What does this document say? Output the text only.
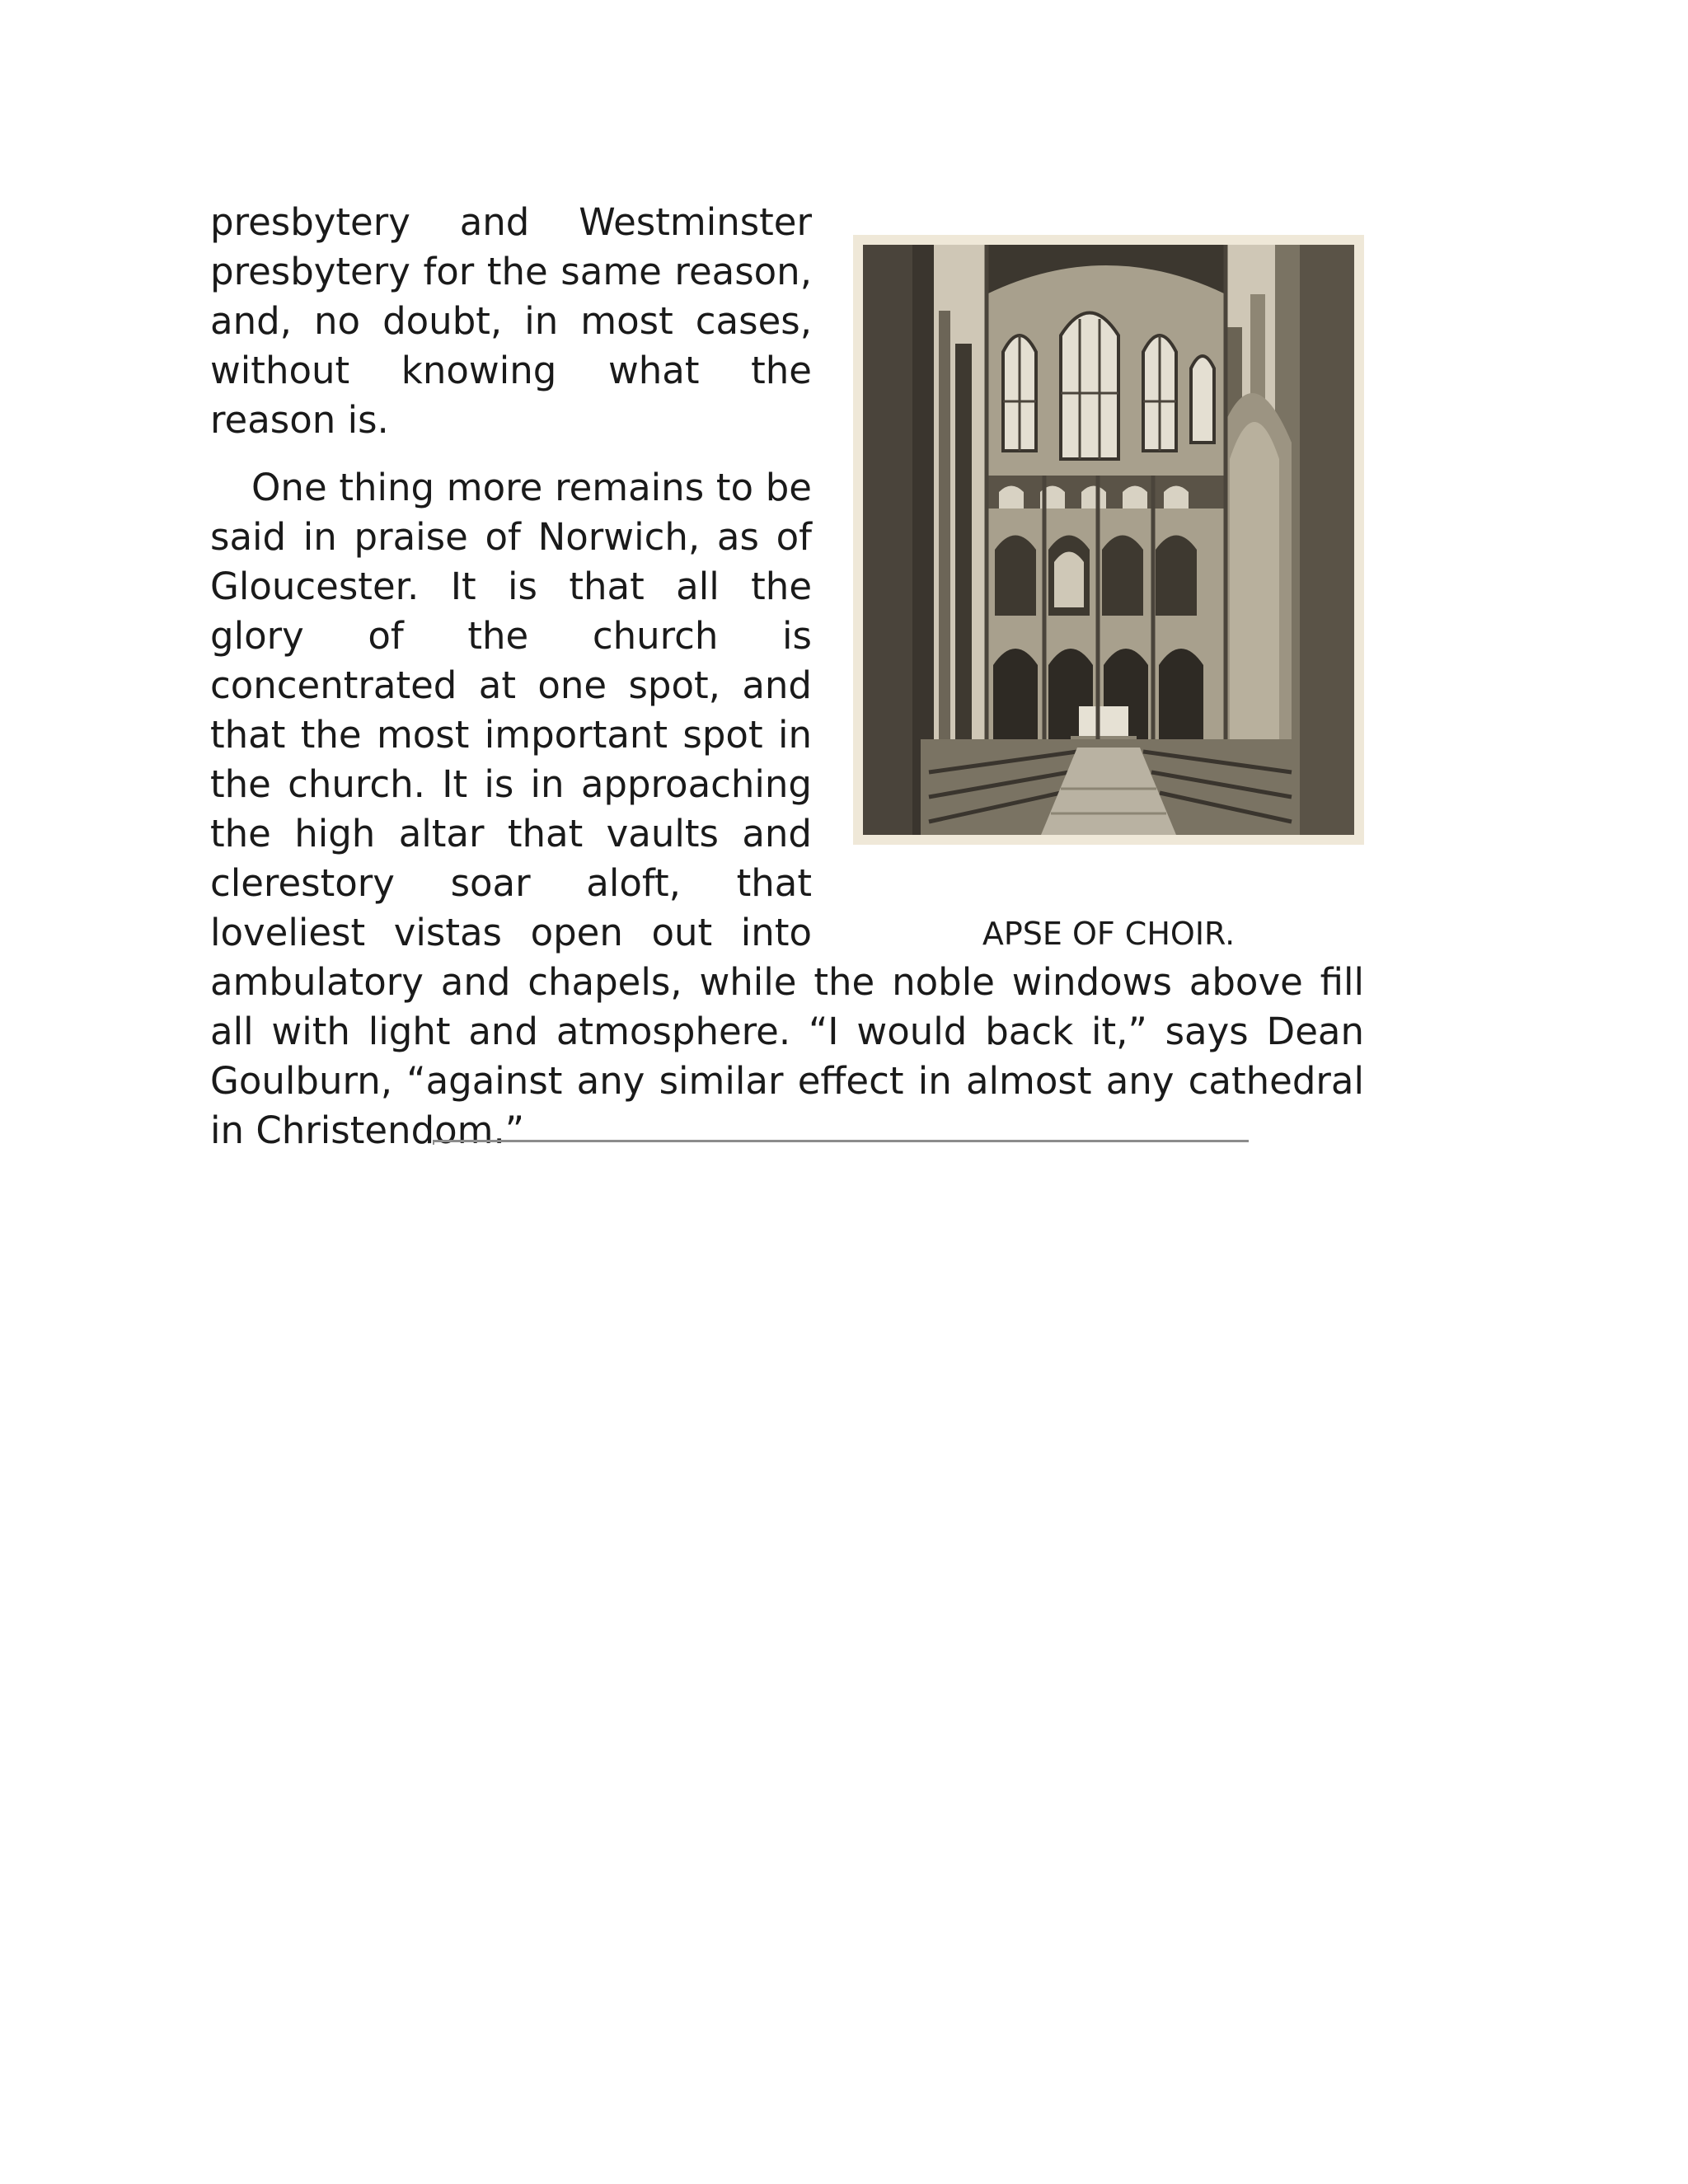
APSE OF CHOIR.

presbytery and Westminster presbytery for the same reason, and, no doubt, in most cases, without knowing what the reason is.

One thing more remains to be said in praise of Norwich, as of Gloucester. It is that all the glory of the church is concentrated at one spot, and that the most important spot in the church. It is in approaching the high altar that vaults and clerestory soar aloft, that loveliest vistas open out into ambulatory and chapels, while the noble windows above fill all with light and atmosphere. “I would back it,” says Dean Goulburn, “against any similar effect in almost any cathedral in Christendom.”
